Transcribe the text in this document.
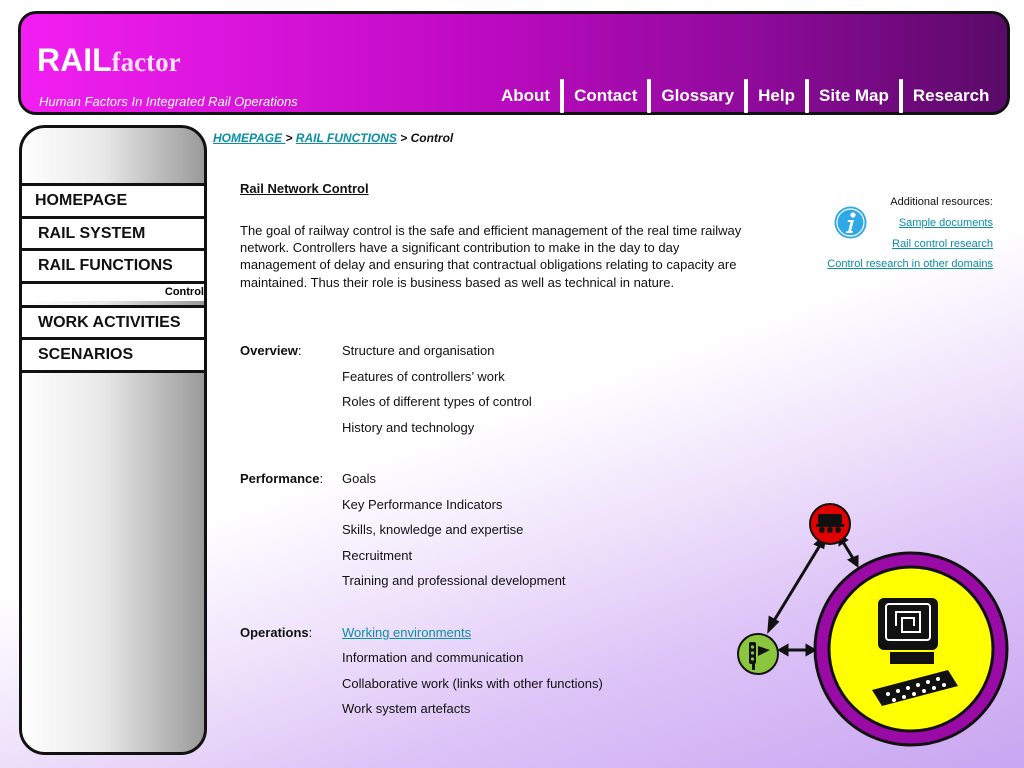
RAILfactor
Human Factors In Integrated Rail Operations	About	Contact	Glossary	Help	Site Map	Research
HOMEPAGE
RAIL SYSTEM
RAIL FUNCTIONS
Control
WORK ACTIVITIES
SCENARIOS
HOMEPAGE > RAIL FUNCTIONS > Control
Rail Network Control
The goal of railway control is the safe and efficient management of the real time railway network. Controllers have a significant contribution to make in the day to day management of delay and ensuring that contractual obligations relating to capacity are maintained. Thus their role is business based as well as technical in nature.
Overview:	Structure and organisation
Features of controllers’ work
Roles of different types of control
History and technology
Performance: Goals
Key Performance Indicators
Skills, knowledge and expertise
Recruitment
Training and professional development
Operations: Working environments
Information and communication
Collaborative work (links with other functions)
Work system artefacts
Additional resources:
Sample documents
Rail control research
Control research in other domains
